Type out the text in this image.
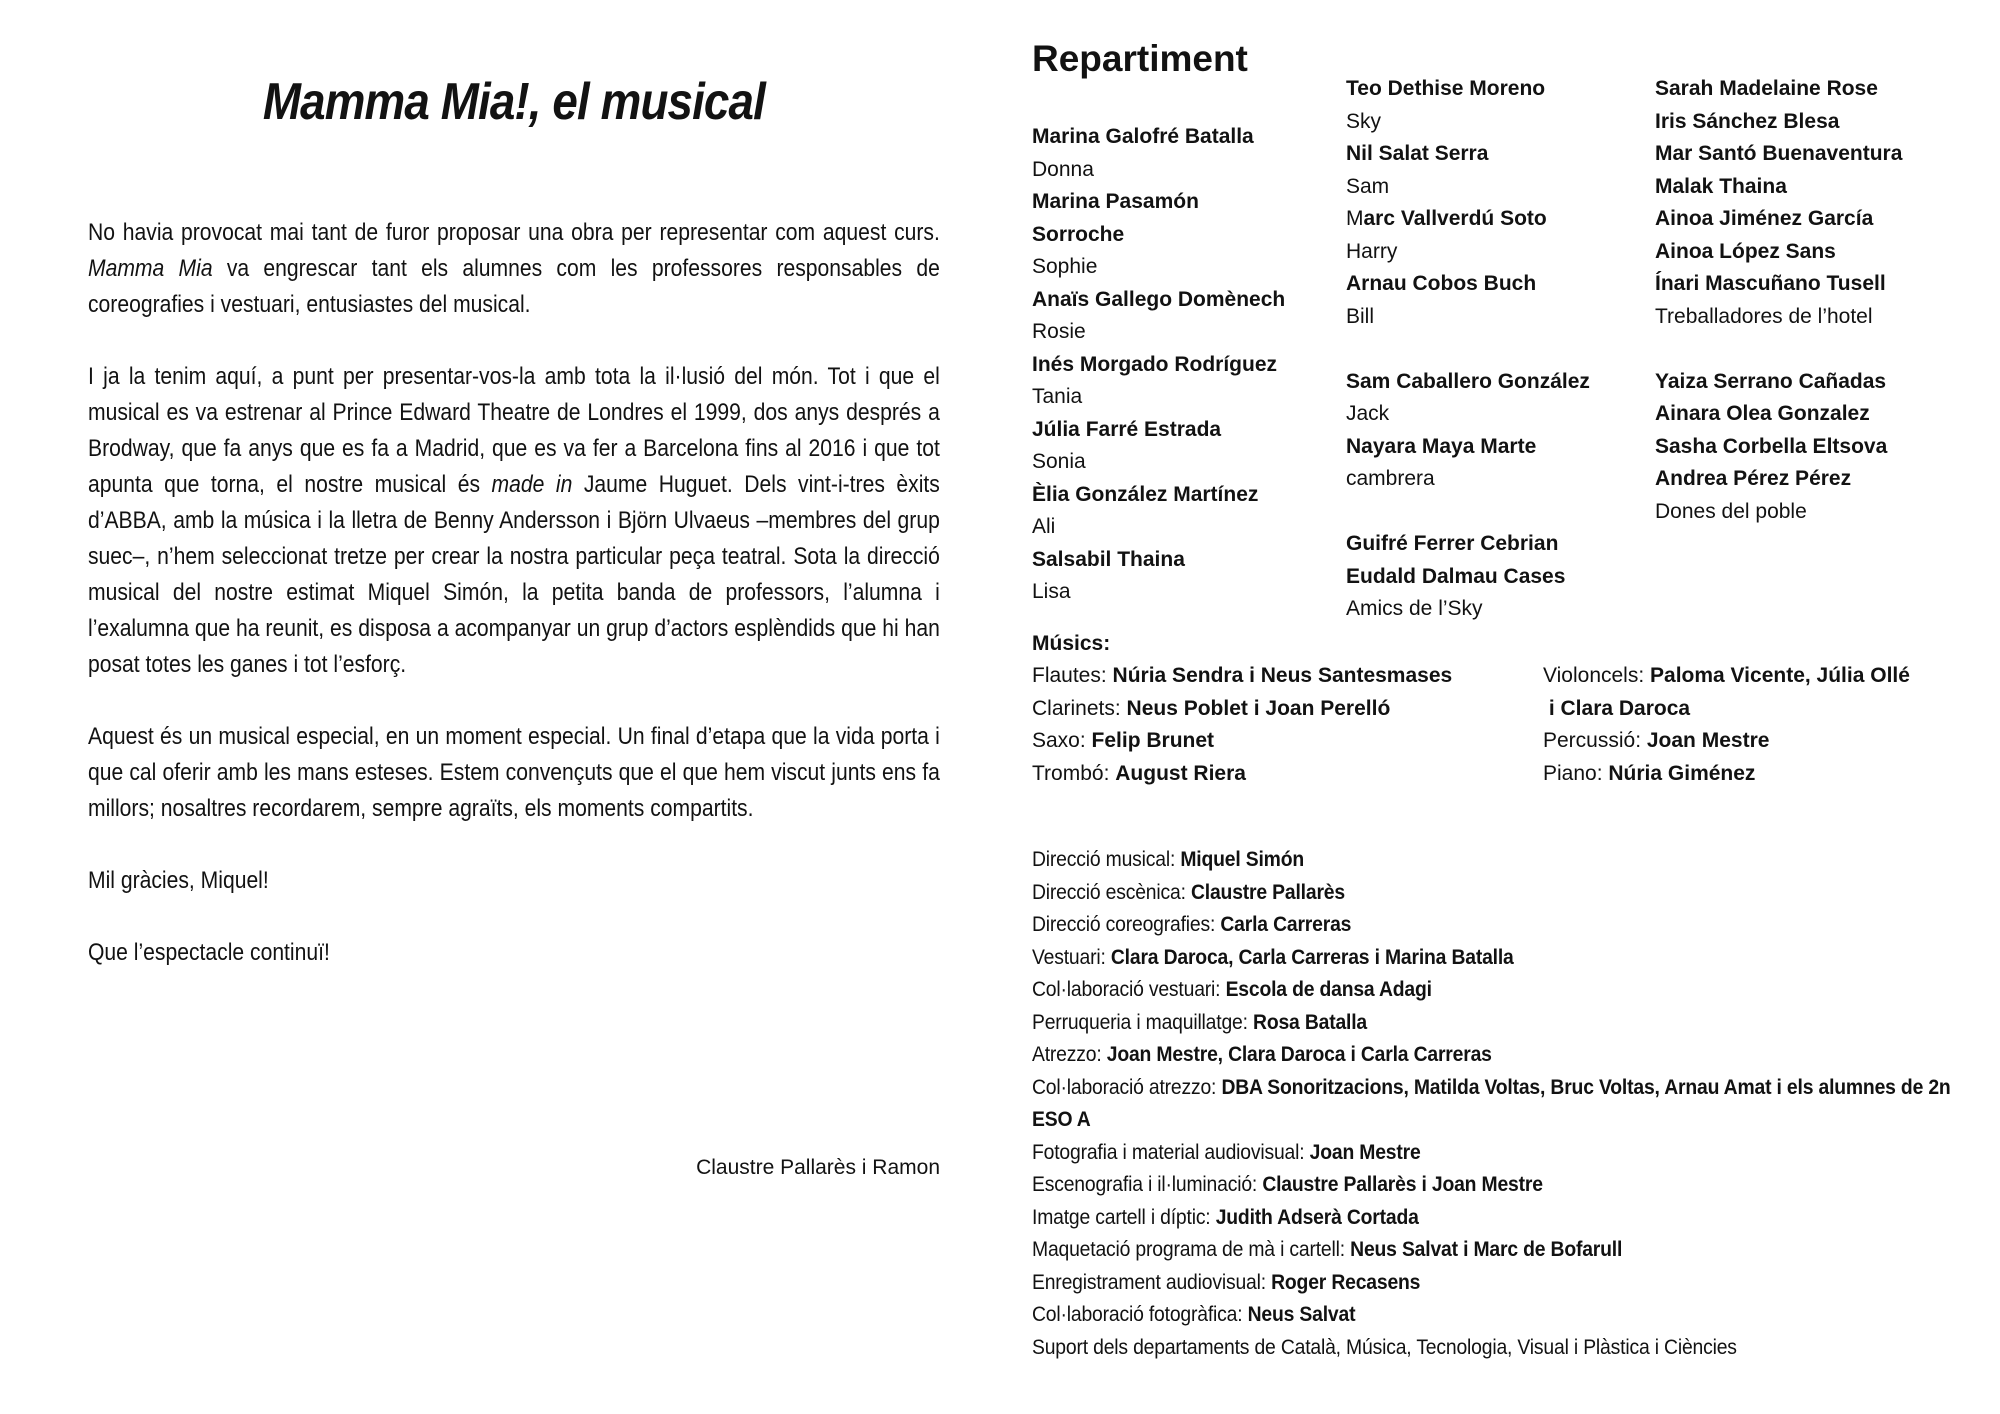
Mamma Mia!, el musical

No havia provocat mai tant de furor proposar una obra per representar com aquest curs. Mamma Mia va engrescar tant els alumnes com les professores responsables de coreografies i vestuari, entusiastes del musical.

I ja la tenim aquí, a punt per presentar-vos-la amb tota la il·lusió del món. Tot i que el musical es va estrenar al Prince Edward Theatre de Londres el 1999, dos anys després a Brodway, que fa anys que es fa a Madrid, que es va fer a Barcelona fins al 2016 i que tot apunta que torna, el nostre musical és made in Jaume Huguet. Dels vint-i-tres èxits d’ABBA, amb la música i la lletra de Benny Andersson i Björn Ulvaeus –membres del grup suec–, n’hem seleccionat tretze per crear la nostra particular peça teatral. Sota la direcció musical del nostre estimat Miquel Simón, la petita banda de professors, l’alumna i l’exalumna que ha reunit, es disposa a acompanyar un grup d’actors esplèndids que hi han posat totes les ganes i tot l’esforç.

Aquest és un musical especial, en un moment especial. Un final d’etapa que la vida porta i que cal oferir amb les mans esteses. Estem convençuts que el que hem viscut junts ens fa millors; nosaltres recordarem, sempre agraïts, els moments compartits.

Mil gràcies, Miquel!

Que l’espectacle continuï!

Claustre Pallarès i Ramon
Repartiment
Marina Galofré Batalla
Donna
Marina Pasamón
Sorroche
Sophie
Anaïs Gallego Domènech
Rosie
Inés Morgado Rodríguez
Tania
Júlia Farré Estrada
Sonia
Èlia González Martínez
Ali
Salsabil Thaina
Lisa
Teo Dethise Moreno
Sky
Nil Salat Serra
Sam
Marc Vallverdú Soto
Harry
Arnau Cobos Buch
Bill
Sam Caballero González
Jack
Nayara Maya Marte
cambrera
Guifré Ferrer Cebrian
Eudald Dalmau Cases
Amics de l’Sky
Sarah Madelaine Rose
Iris Sánchez Blesa
Mar Santó Buenaventura
Malak Thaina
Ainoa Jiménez García
Ainoa López Sans
Ínari Mascuñano Tusell
Treballadores de l’hotel
Yaiza Serrano Cañadas
Ainara Olea Gonzalez
Sasha Corbella Eltsova
Andrea Pérez Pérez
Dones del poble
Músics:
Flautes: Núria Sendra i Neus Santesmases
Clarinets: Neus Poblet i Joan Perelló
Saxo: Felip Brunet
Trombó: August Riera
Violoncels: Paloma Vicente, Júlia Ollé
i Clara Daroca
Percussió: Joan Mestre
Piano: Núria Giménez
Direcció musical: Miquel Simón
Direcció escènica: Claustre Pallarès
Direcció coreografies: Carla Carreras
Vestuari: Clara Daroca, Carla Carreras i Marina Batalla
Col·laboració vestuari: Escola de dansa Adagi
Perruqueria i maquillatge: Rosa Batalla
Atrezzo: Joan Mestre, Clara Daroca i Carla Carreras
Col·laboració atrezzo: DBA Sonoritzacions, Matilda Voltas, Bruc Voltas, Arnau Amat i els alumnes de 2n ESO A
Fotografia i material audiovisual: Joan Mestre
Escenografia i il·luminació: Claustre Pallarès i Joan Mestre
Imatge cartell i díptic: Judith Adserà Cortada
Maquetació programa de mà i cartell: Neus Salvat i Marc de Bofarull
Enregistrament audiovisual: Roger Recasens
Col·laboració fotogràfica: Neus Salvat
Suport dels departaments de Català, Música, Tecnologia, Visual i Plàstica i Ciències
